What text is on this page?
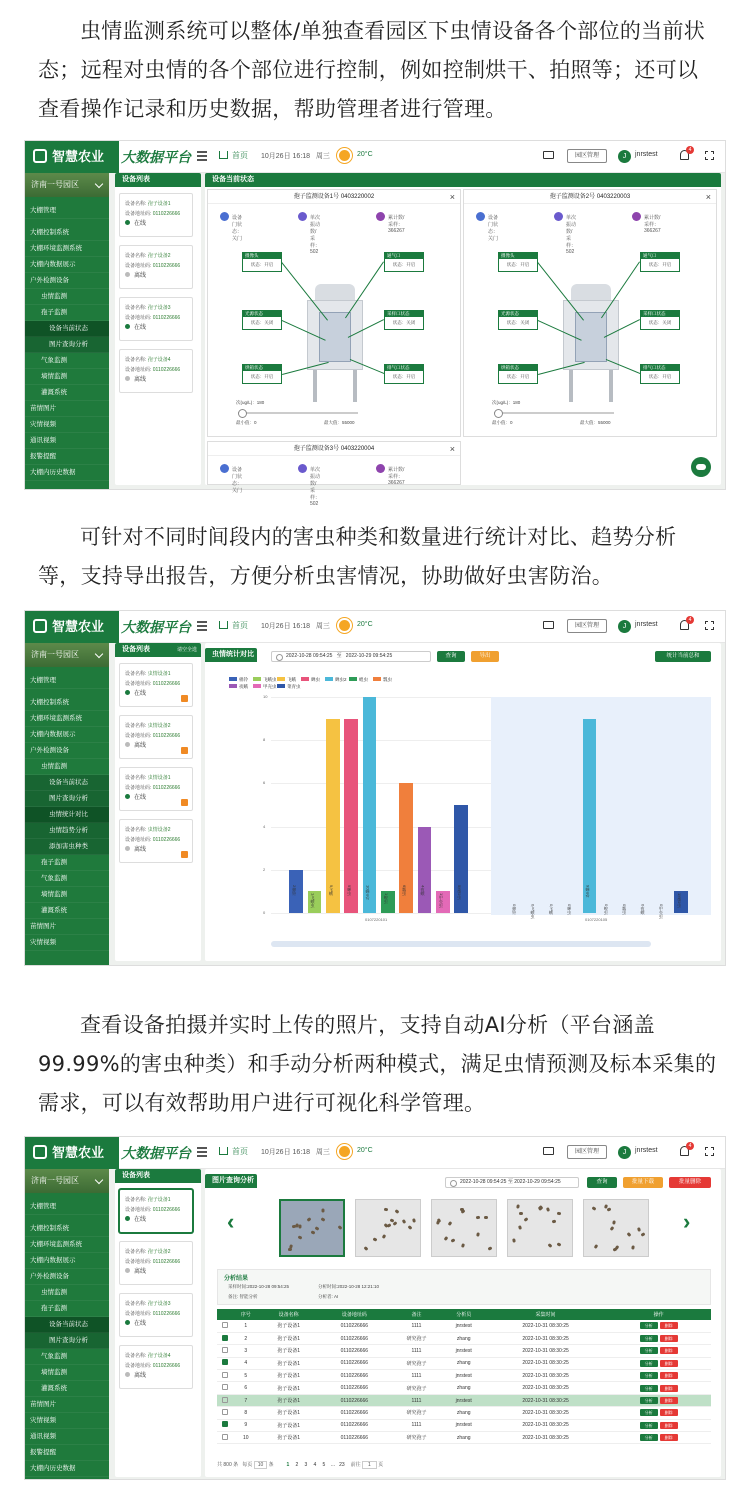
虫情监测系统可以整体/单独查看园区下虫情设备各个部位的当前状态；远程对虫情的各个部位进行控制，例如控制烘干、拍照等；还可以查看操作记录和历史数据，帮助管理者进行管理。
智慧农业	大数据平台	首页 10月26日 16:18 周三	20°C	园区管理	J	jnrstest
4
济南一号园区
大棚管理
大棚控制系统
大棚环境监测系统
大棚内数据展示
户外检测设备
虫情监测
孢子监测
设备当前状态
图片查询分析
气象监测
墒情监测
灌溉系统
苗情图片
灾情视频
通讯视频
报警提醒
大棚内历史数据
设备列表
设备名称: 孢子设备1
设备地址码: 0110226666
在线
设备名称: 孢子设备2
设备地址码: 0110226666
离线
设备名称: 孢子设备3
设备地址码: 0110226666
在线
设备名称: 孢子设备4
设备地址码: 0110226666
离线
设备当前状态
孢子监测设备1号 0403220002	×
设备门状态：关门
单次振动数/采样：502
累计数/采样：366267
摄像头
状态：开启
通气口
状态：开启
光源状态
状态：关闭
采样口状态
状态：关闭
烘箱状态
状态：开启
排气口状态
状态：开启
次(ug/L)：180
最小值：0	最大值：55000
孢子监测设备2号 0403220003	×
设备门状态：关门
单次振动数/采样：502
累计数/采样：366267
摄像头
状态：开启
通气口
状态：开启
光源状态
状态：关闭
采样口状态
状态：关闭
烘箱状态
状态：开启
排气口状态
状态：开启
次(ug/L)：180
最小值：0	最大值：55000
孢子监测设备3号 0403220004	×
设备门状态：关门
单次振动数/采样：502
累计数/采样：366267
可针对不同时间段内的害虫种类和数量进行统计对比、趋势分析等，支持导出报告，方便分析虫害情况，协助做好虫害防治。
智慧农业	大数据平台	首页 10月26日 16:18 周三	20°C	园区管理	J	jnrstest
4
济南一号园区
大棚管理
大棚控制系统
大棚环境监测系统
大棚内数据展示
户外检测设备
虫情监测
设备当前状态
图片查询分析
虫情统计对比
虫情趋势分析
添加害虫种类
孢子监测
气象监测
墒情监测
灌溉系统
苗情图片
灾情视频
设备列表	请空全选
设备名称: 虫情设备1
设备地址码: 0110226666
在线
设备名称: 虫情设备2
设备地址码: 0110226666
离线
设备名称: 虫情设备1
设备地址码: 0110226666
在线
设备名称: 虫情设备2
设备地址码: 0110226666
离线
虫情统计对比	2022-10-28 09:54:25 至 2022-10-29 09:54:25	查询	导出	统计当前总和
棉铃	飞蛾虫	飞蛾	蝉虫	蝉虫2	蝗虫	瓢虫
夜蛾	甲壳虫	菜青虫
0
2
4
6
8
10
2棉铃	1飞蛾虫
9飞蛾
9蝉虫
10蝉虫2	1蝗虫
6瓢虫
4夜蛾	1甲壳虫
5菜青虫
0107220101
0棉铃
0飞蛾虫
0飞蛾
0蝉虫
9蝉虫2
0蝗虫
0瓢虫
0夜蛾
0甲壳虫
1菜青虫
0107220105
查看设备拍摄并实时上传的照片，支持自动AI分析（平台涵盖99.99%的害虫种类）和手动分析两种模式，满足虫情预测及标本采集的需求，可以有效帮助用户进行可视化科学管理。
智慧农业	大数据平台	首页 10月26日 16:18 周三	20°C	园区管理	J	jnrstest
4
济南一号园区
大棚管理
大棚控制系统
大棚环境监测系统
大棚内数据展示
户外检测设备
虫情监测
孢子监测
设备当前状态
图片查询分析
气象监测
墒情监测
灌溉系统
苗情图片
灾情视频
通讯视频
报警提醒
大棚内历史数据
设备列表
设备名称: 孢子设备1
设备地址码: 0110226666
在线
设备名称: 孢子设备2
设备地址码: 0110226666
离线
设备名称: 孢子设备3
设备地址码: 0110226666
在线
设备名称: 孢子设备4
设备地址码: 0110226666
离线
图片查询分析	2022-10-28 09:54:25 至 2022-10-29 09:54:25	查询	批量下载	批量删除
‹	›
分析结果
采样时间:2022-10-28 09:54:25	分析时间:2022-10-28 12:21:10
备注: 智能分析	分析者: AI
	序号	设备名称	设备地址码	备注	分析员	采集时间	操作
	1	孢子设备1	0110226666	1111	jnrstest	2022-10-31 08:30:25	分析 删除
	2	孢子设备1	0110226666	研究孢子	zhang	2022-10-31 08:30:25	分析 删除
	3	孢子设备1	0110226666	1111	jnrstest	2022-10-31 08:30:25	分析 删除
	4	孢子设备1	0110226666	研究孢子	zhang	2022-10-31 08:30:25	分析 删除
	5	孢子设备1	0110226666	1111	jnrstest	2022-10-31 08:30:25	分析 删除
	6	孢子设备1	0110226666	研究孢子	zhang	2022-10-31 08:30:25	分析 删除
	7	孢子设备1	0110226666	1111	jnrstest	2022-10-31 08:30:25	分析 删除
	8	孢子设备1	0110226666	研究孢子	zhang	2022-10-31 08:30:25	分析 删除
	9	孢子设备1	0110226666	1111	jnrstest	2022-10-31 08:30:25	分析 删除
	10	孢子设备1	0110226666	研究孢子	zhang	2022-10-31 08:30:25	分析 删除
共 800 条 每页 10 条	1 2 3 4 5 ... 23 前往 1 页
